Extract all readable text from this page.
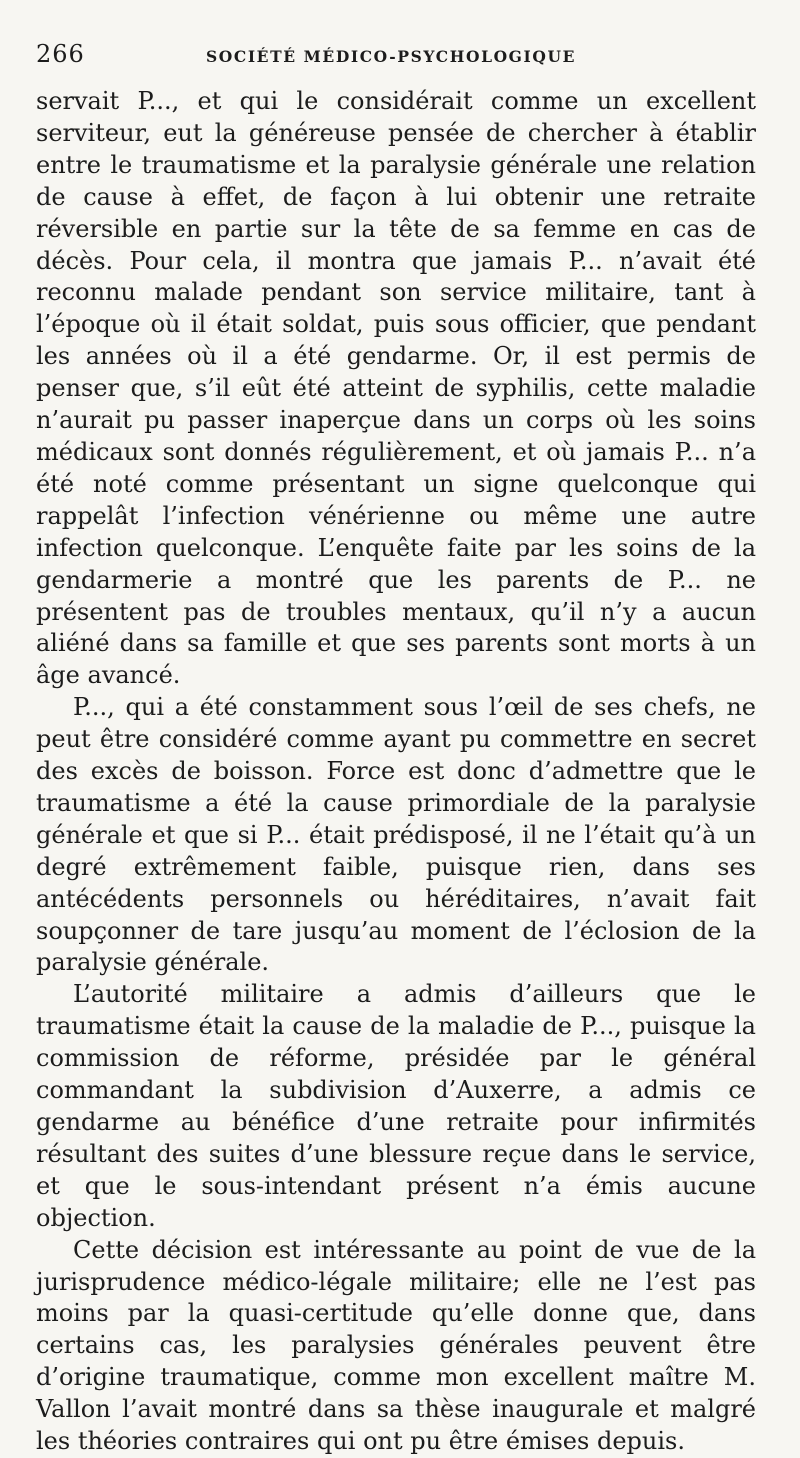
266	SOCIÉTÉ MÉDICO-PSYCHOLOGIQUE

servait P..., et qui le considérait comme un excellent serviteur, eut la généreuse pensée de chercher à établir entre le traumatisme et la paralysie générale une relation de cause à effet, de façon à lui obtenir une retraite réversible en partie sur la tête de sa femme en cas de décès. Pour cela, il montra que jamais P... n’avait été reconnu malade pendant son service militaire, tant à l’époque où il était soldat, puis sous officier, que pendant les années où il a été gendarme. Or, il est permis de penser que, s’il eût été atteint de syphilis, cette maladie n’aurait pu passer inaperçue dans un corps où les soins médicaux sont donnés régulièrement, et où jamais P... n’a été noté comme présentant un signe quelconque qui rappelât l’infection vénérienne ou même une autre infection quelconque. L’enquête faite par les soins de la gendarmerie a montré que les parents de P... ne présentent pas de troubles mentaux, qu’il n’y a aucun aliéné dans sa famille et que ses parents sont morts à un âge avancé.

P..., qui a été constamment sous l’œil de ses chefs, ne peut être considéré comme ayant pu commettre en secret des excès de boisson. Force est donc d’admettre que le traumatisme a été la cause primordiale de la paralysie générale et que si P... était prédisposé, il ne l’était qu’à un degré extrêmement faible, puisque rien, dans ses antécédents personnels ou héréditaires, n’avait fait soupçonner de tare jusqu’au moment de l’éclosion de la paralysie générale.

L’autorité militaire a admis d’ailleurs que le traumatisme était la cause de la maladie de P..., puisque la commission de réforme, présidée par le général commandant la subdivision d’Auxerre, a admis ce gendarme au bénéfice d’une retraite pour infirmités résultant des suites d’une blessure reçue dans le service, et que le sous-intendant présent n’a émis aucune objection.

Cette décision est intéressante au point de vue de la jurisprudence médico-légale militaire; elle ne l’est pas moins par la quasi-certitude qu’elle donne que, dans certains cas, les paralysies générales peuvent être d’origine traumatique, comme mon excellent maître M. Vallon l’avait montré dans sa thèse inaugurale et malgré les théories contraires qui ont pu être émises depuis.
